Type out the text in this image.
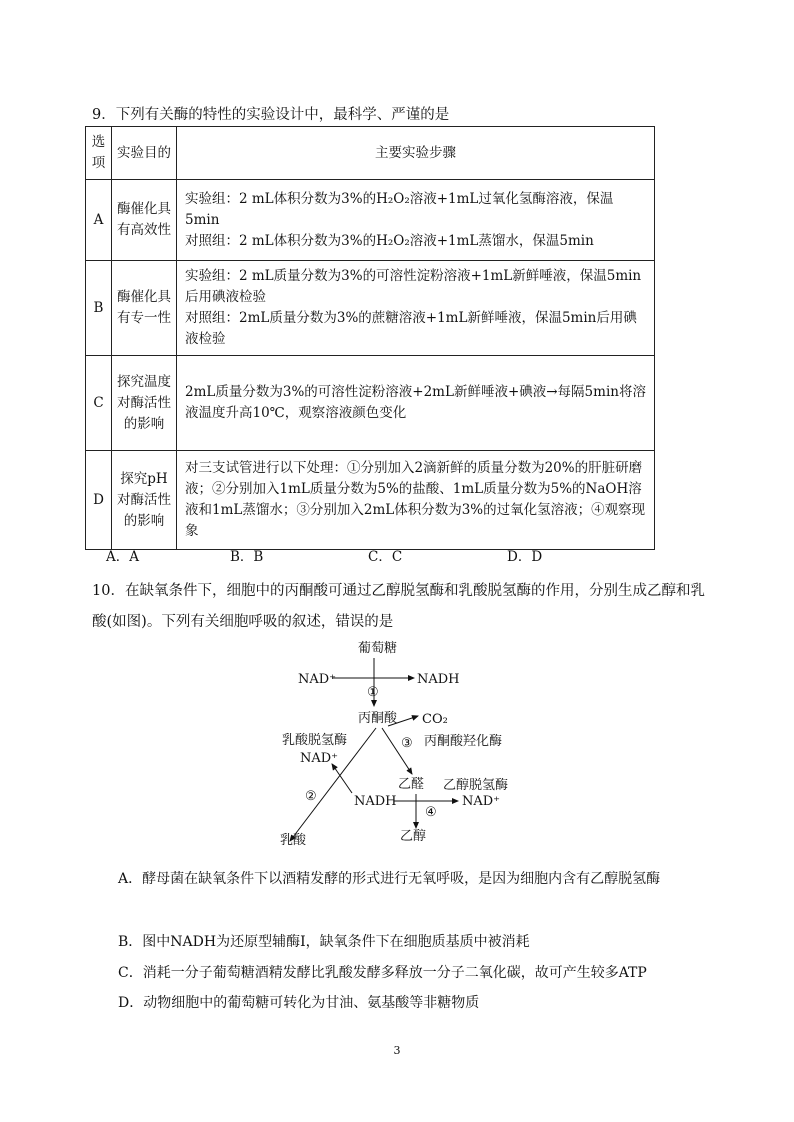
9．下列有关酶的特性的实验设计中，最科学、严谨的是
选项	实验目的	主要实验步骤
A	酶催化具有高效性	实验组：2 mL体积分数为3%的H₂O₂溶液+1mL过氧化氢酶溶液，保温5min
对照组：2 mL体积分数为3%的H₂O₂溶液+1mL蒸馏水，保温5min

B	酶催化具有专一性	实验组：2 mL质量分数为3%的可溶性淀粉溶液+1mL新鲜唾液，保温5min后用碘液检验
对照组：2mL质量分数为3%的蔗糖溶液+1mL新鲜唾液，保温5min后用碘液检验

C	探究温度对酶活性的影响	2mL质量分数为3%的可溶性淀粉溶液+2mL新鲜唾液+碘液→每隔5min将溶液温度升高10℃，观察溶液颜色变化

D	探究pH对酶活性的影响	对三支试管进行以下处理：①分别加入2滴新鲜的质量分数为20%的肝脏研磨液；②分别加入1mL质量分数为5%的盐酸、1mL质量分数为5%的NaOH溶液和1mL蒸馏水；③分别加入2mL体积分数为3%的过氧化氢溶液；④观察现象
A．A	B．B	C．C	D．D
10．在缺氧条件下，细胞中的丙酮酸可通过乙醇脱氢酶和乳酸脱氢酶的作用，分别生成乙醇和乳酸(如图)。下列有关细胞呼吸的叙述，错误的是
葡萄糖
NAD⁺	NADH
①
丙酮酸 CO₂
③ 丙酮酸羟化酶
乳酸脱氢酶
NAD⁺
乙醛 乙醇脱氢酶
②	NADH	NAD⁺
④
乳酸	乙醇
A．酵母菌在缺氧条件下以酒精发酵的形式进行无氧呼吸，是因为细胞内含有乙醇脱氢酶
B．图中NADH为还原型辅酶I，缺氧条件下在细胞质基质中被消耗
C．消耗一分子葡萄糖酒精发酵比乳酸发酵多释放一分子二氧化碳，故可产生较多ATP
D．动物细胞中的葡萄糖可转化为甘油、氨基酸等非糖物质
3
